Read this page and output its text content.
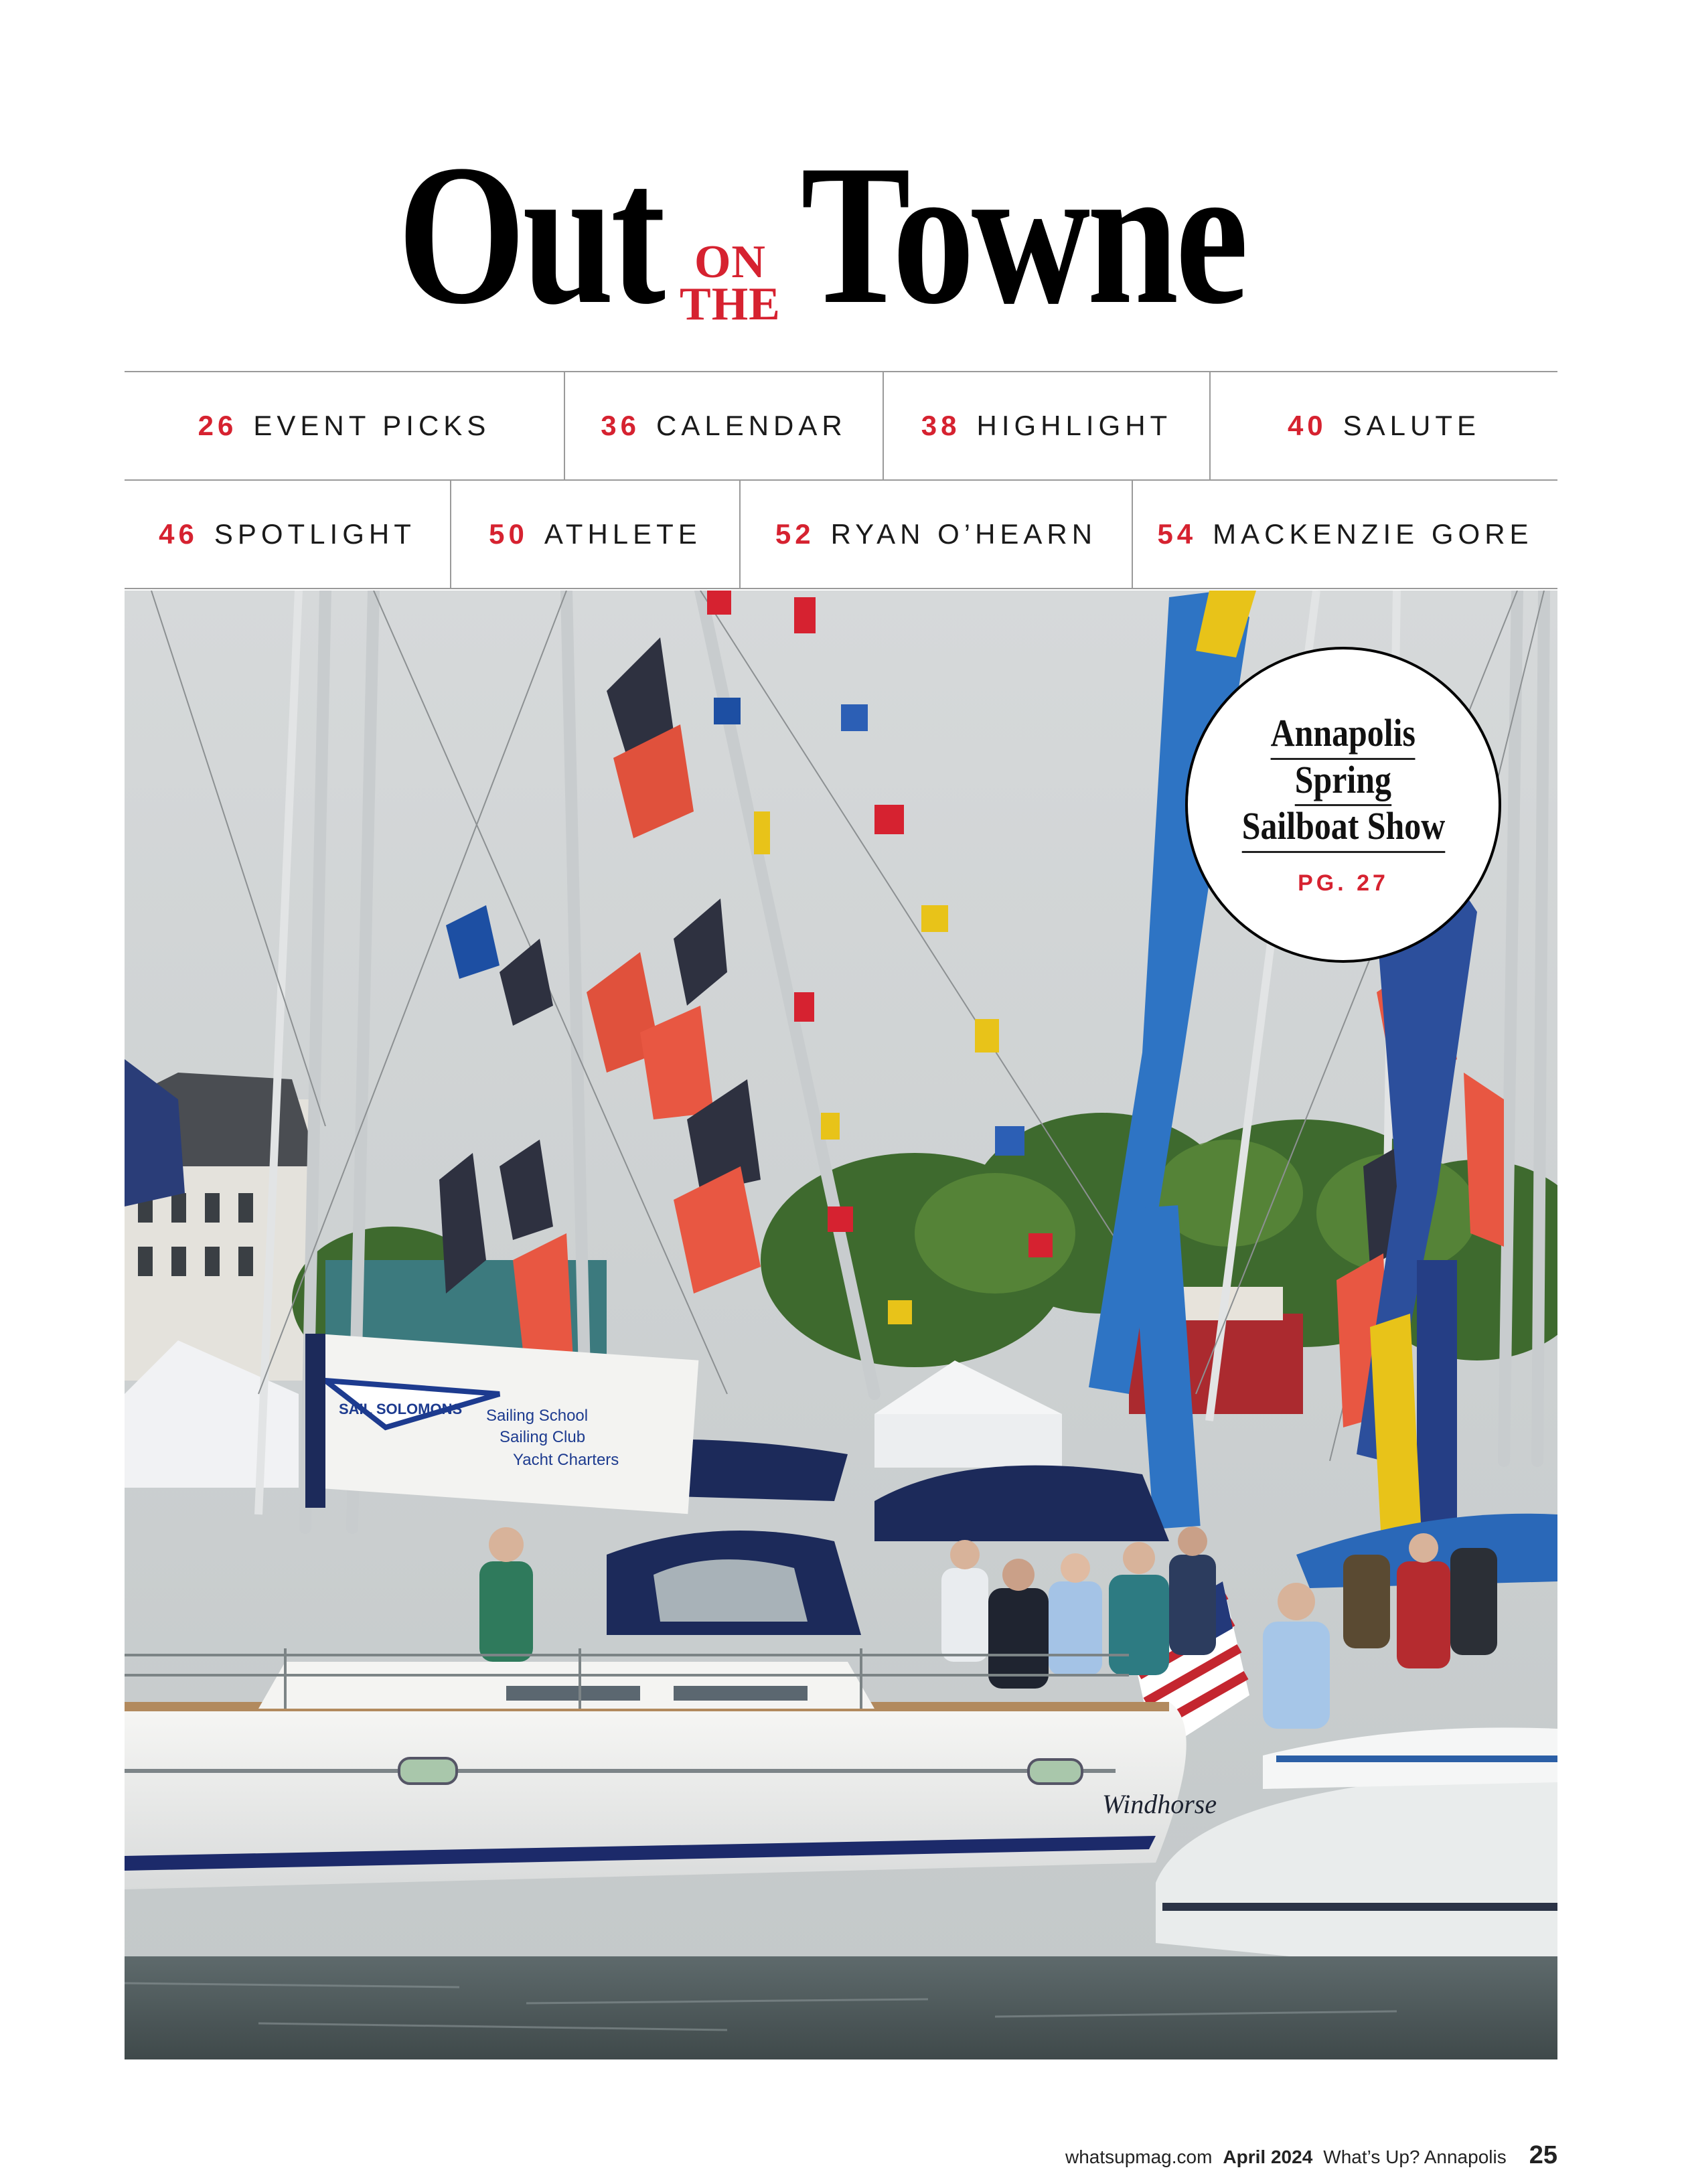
Out ON
THE Towne
26 EVENT PICKS	36 CALENDAR	38 HIGHLIGHT	40 SALUTE
46 SPOTLIGHT	50 ATHLETE	52 RYAN O’HEARN 54 MACKENZIE GORE
SAIL SOLOMONS Sailing School
Sailing Club
Yacht Charters
Windhorse
Annapolis
Spring
Sailboat Show
PG. 27
whatsupmag.com April 2024 What’s Up? Annapolis 25
